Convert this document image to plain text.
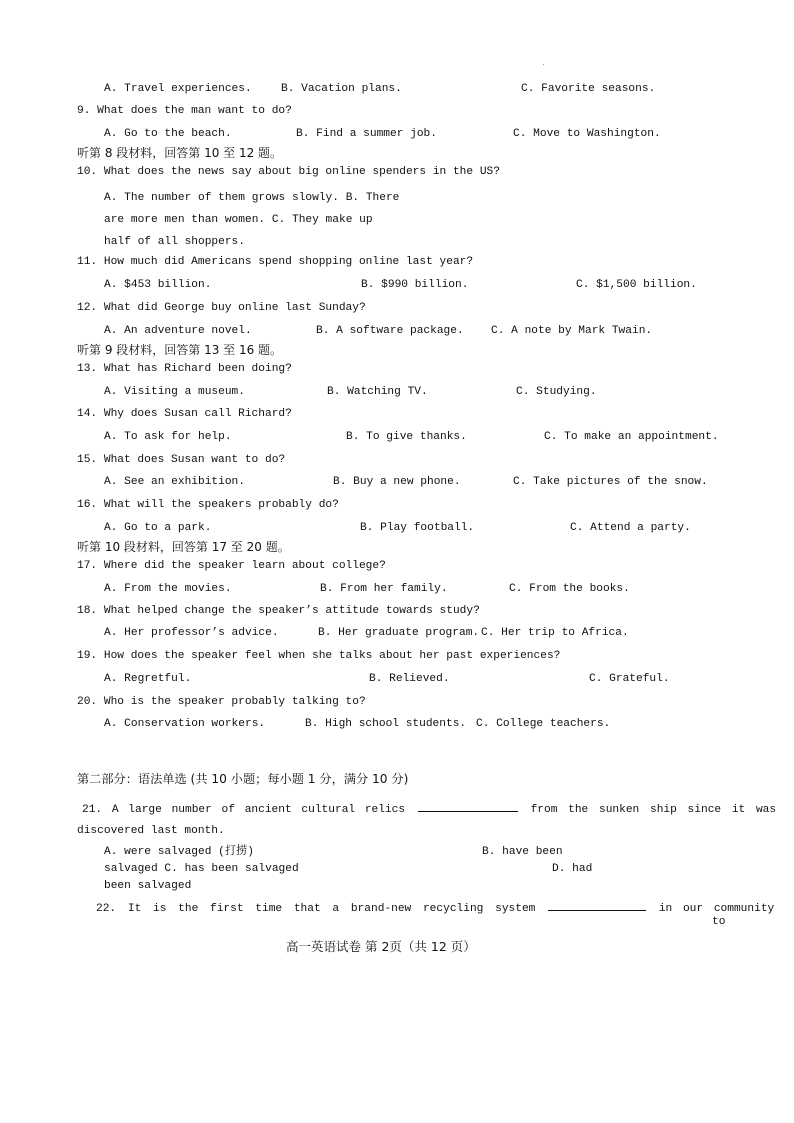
A. Travel experiences.	B. Vacation plans.	C. Favorite seasons.
9. What does the man want to do?
A. Go to the beach.	B. Find a summer job.	C. Move to Washington.
听第 8 段材料，回答第 10 至 12 题。
10. What does the news say about big online spenders in the US?
A. The number of them grows slowly. B. There
are more men than women. C. They make up
half of all shoppers.
11. How much did Americans spend shopping online last year?
A. $453 billion.	B. $990 billion.	C. $1,500 billion.
12. What did George buy online last Sunday?
A. An adventure novel.	B. A software package. C. A note by Mark Twain.
听第 9 段材料，回答第 13 至 16 题。
13. What has Richard been doing?
A. Visiting a museum.	B. Watching TV.	C. Studying.
14. Why does Susan call Richard?
A. To ask for help.	B. To give thanks.	C. To make an appointment.
15. What does Susan want to do?
A. See an exhibition.	B. Buy a new phone.	C. Take pictures of the snow.
16. What will the speakers probably do?
A. Go to a park.	B. Play football.	C. Attend a party.
听第 10 段材料，回答第 17 至 20 题。
17. Where did the speaker learn about college?
A. From the movies.	B. From her family.	C. From the books.
18. What helped change the speaker’s attitude towards study?
A. Her professor’s advice.	B. Her graduate program. C. Her trip to Africa.
19. How does the speaker feel when she talks about her past experiences?
A. Regretful.	B. Relieved.	C. Grateful.
20. Who is the speaker probably talking to?
A. Conservation workers.	B. High school students. C. College teachers.
第二部分：语法单选 (共 10 小题；每小题 1 分，满分 10 分)
21. A large number of ancient cultural relics	from the sunken ship since it was
discovered last month.
A. were salvaged (打捞)	B. have been
salvaged C. has been salvaged	D. had
been salvaged
22. It is the first time that a brand-new recycling system	in our community
to
高一英语试卷 第 2页（共 12 页）
